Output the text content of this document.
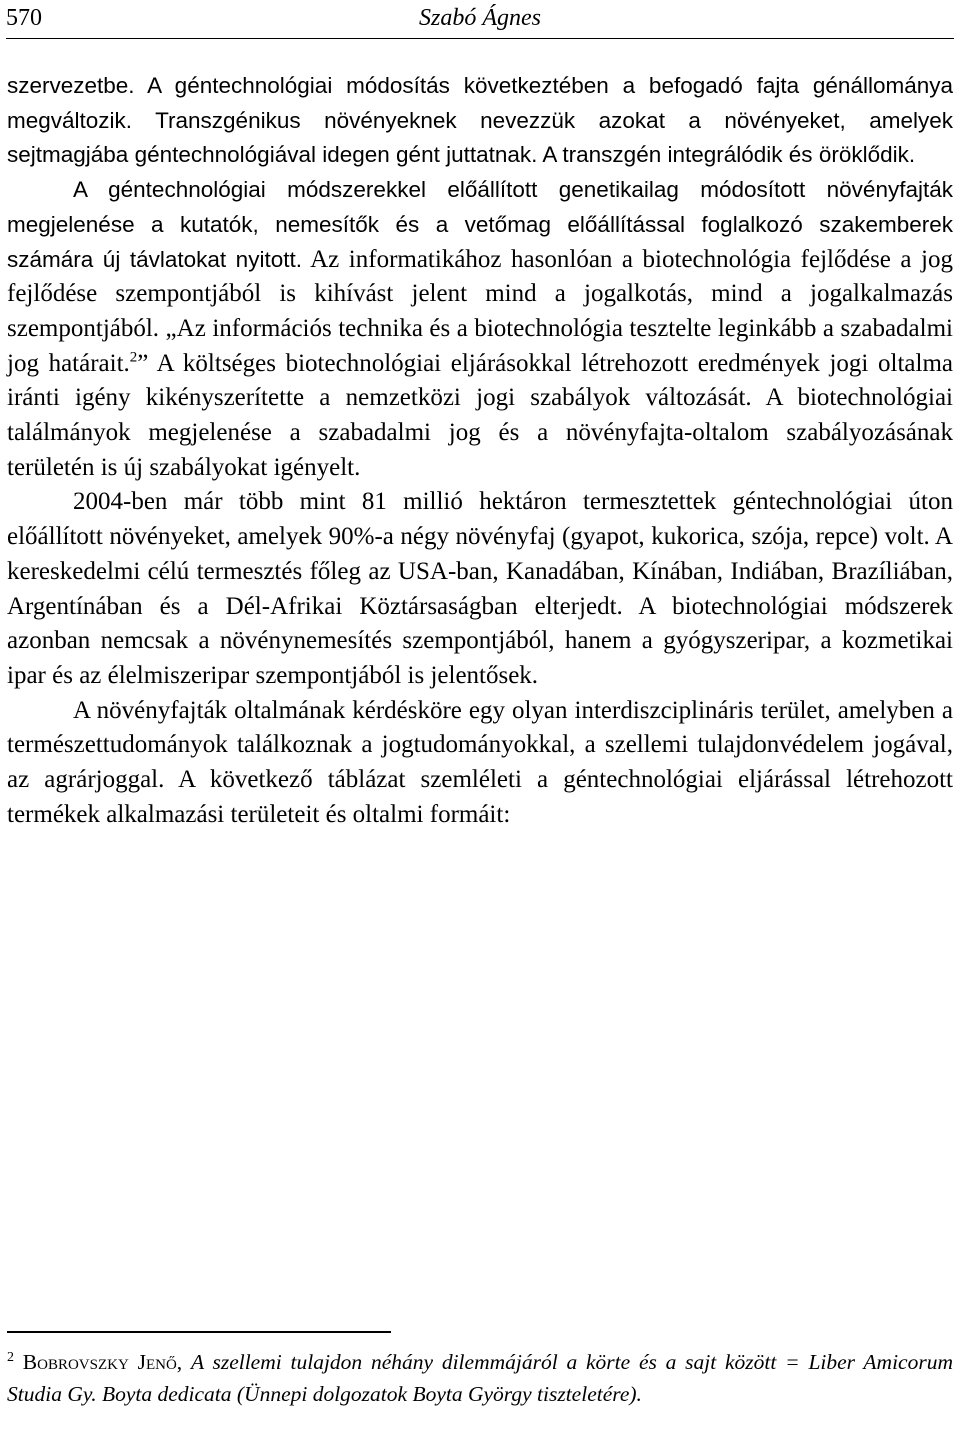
570	Szabó Ágnes

szervezetbe. A géntechnológiai módosítás következtében a befogadó fajta génállománya megváltozik. Transzgénikus növényeknek nevezzük azokat a növényeket, amelyek sejtmagjába géntechnológiával idegen gént juttatnak. A transzgén integrálódik és öröklődik.

A géntechnológiai módszerekkel előállított genetikailag módosított növényfajták megjelenése a kutatók, nemesítők és a vetőmag előállítással foglalkozó szakemberek számára új távlatokat nyitott. Az informatikához hasonlóan a biotechnológia fejlődése a jog fejlődése szempontjából is kihívást jelent mind a jogalkotás, mind a jogalkalmazás szempontjából. „Az információs technika és a biotechnológia tesztelte leginkább a szabadalmi jog határait.$^2$” A költséges biotechnológiai eljárásokkal létrehozott eredmények jogi oltalma iránti igény kikényszerítette a nemzetközi jogi szabályok változását. A biotechnológiai találmányok megjelenése a szabadalmi jog és a növényfajta-oltalom szabályozásának területén is új szabályokat igényelt.

2004-ben már több mint 81 millió hektáron termesztettek géntechnológiai úton előállított növényeket, amelyek 90%-a négy növényfaj (gyapot, kukorica, szója, repce) volt. A kereskedelmi célú termesztés főleg az USA-ban, Kanadában, Kínában, Indiában, Brazíliában, Argentínában és a Dél-Afrikai Köztársaságban elterjedt. A biotechnológiai módszerek azonban nemcsak a növénynemesítés szempontjából, hanem a gyógyszeripar, a kozmetikai ipar és az élelmiszeripar szempontjából is jelentősek.

A növényfajták oltalmának kérdésköre egy olyan interdiszciplináris terület, amelyben a természettudományok találkoznak a jogtudományokkal, a szellemi tulajdonvédelem jogával, az agrárjoggal. A következő táblázat szemléleti a géntechnológiai eljárással létrehozott termékek alkalmazási területeit és oltalmi formáit:

$^2$ Bobrovszky Jenő, A szellemi tulajdon néhány dilemmájáról a körte és a sajt között = Liber Amicorum Studia Gy. Boyta dedicata (Ünnepi dolgozatok Boyta György tiszteletére).
